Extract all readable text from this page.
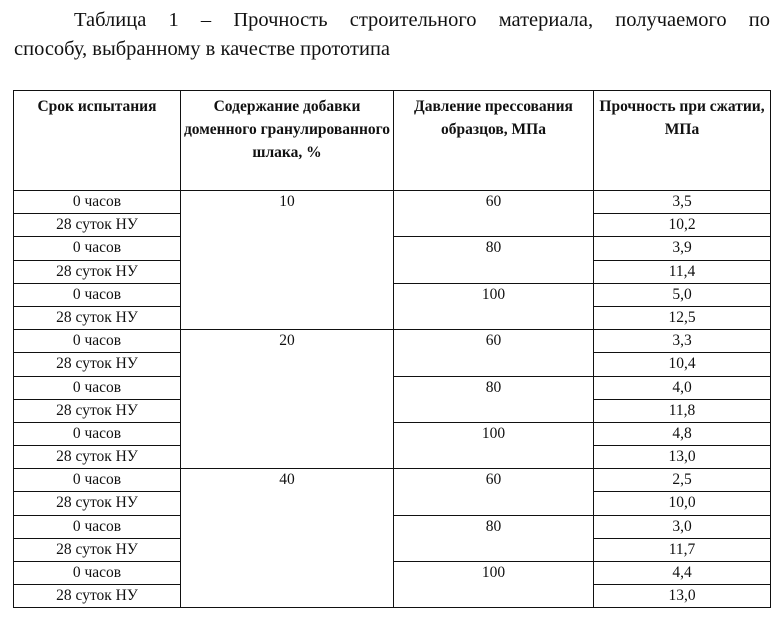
Таблица 1 – Прочность строительного материала, получаемого по
способу, выбранному в качестве прототипа
Срок испытания	Содержание добавки доменного гранулированного шлака, %	Давление прессования образцов, МПа	Прочность при сжатии, МПа
0 часов	10	60	3,5
28 суток НУ			10,2
0 часов		80	3,9
28 суток НУ			11,4
0 часов		100	5,0
28 суток НУ			12,5
0 часов	20	60	3,3
28 суток НУ			10,4
0 часов		80	4,0
28 суток НУ			11,8
0 часов		100	4,8
28 суток НУ			13,0
0 часов	40	60	2,5
28 суток НУ			10,0
0 часов		80	3,0
28 суток НУ			11,7
0 часов		100	4,4
28 суток НУ			13,0
